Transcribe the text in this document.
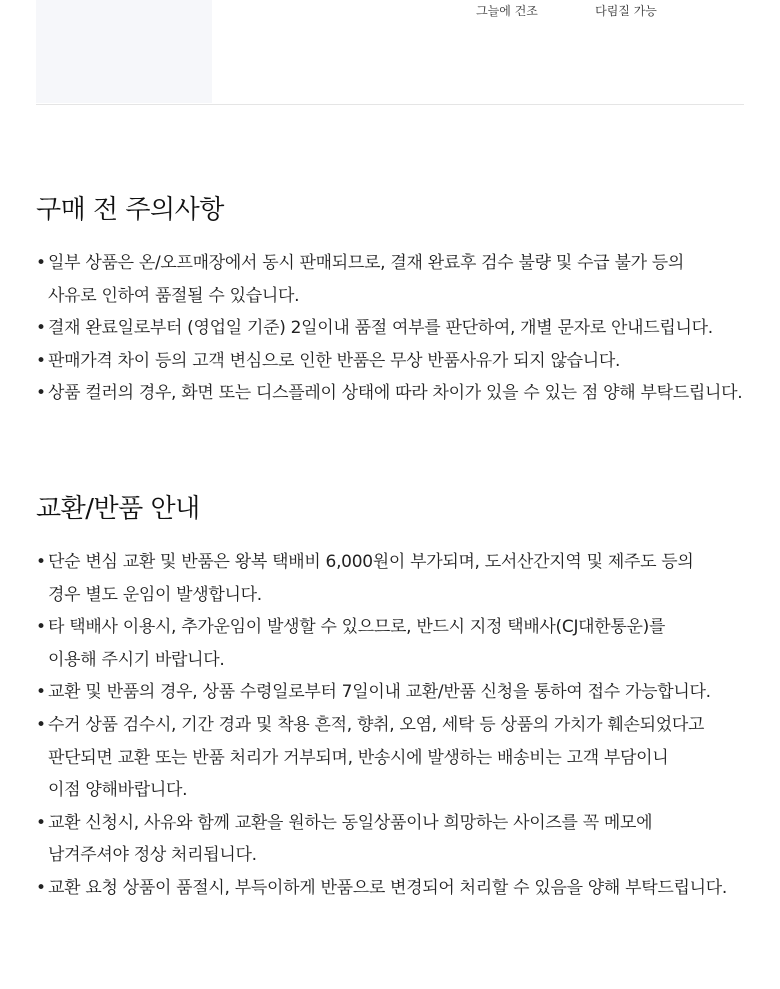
그늘에 건조	다림질 가능
구매 전 주의사항
• 일부 상품은 온/오프매장에서 동시 판매되므로, 결재 완료후 검수 불량 및 수급 불가 등의
사유로 인하여 품절될 수 있습니다.
• 결재 완료일로부터 (영업일 기준) 2일이내 품절 여부를 판단하여, 개별 문자로 안내드립니다.
• 판매가격 차이 등의 고객 변심으로 인한 반품은 무상 반품사유가 되지 않습니다.
• 상품 컬러의 경우, 화면 또는 디스플레이 상태에 따라 차이가 있을 수 있는 점 양해 부탁드립니다.
교환/반품 안내
• 단순 변심 교환 및 반품은 왕복 택배비 6,000원이 부가되며, 도서산간지역 및 제주도 등의
경우 별도 운임이 발생합니다.
• 타 택배사 이용시, 추가운임이 발생할 수 있으므로, 반드시 지정 택배사(CJ대한통운)를
이용해 주시기 바랍니다.
• 교환 및 반품의 경우, 상품 수령일로부터 7일이내 교환/반품 신청을 통하여 접수 가능합니다.
• 수거 상품 검수시, 기간 경과 및 착용 흔적, 향취, 오염, 세탁 등 상품의 가치가 훼손되었다고
판단되면 교환 또는 반품 처리가 거부되며, 반송시에 발생하는 배송비는 고객 부담이니
이점 양해바랍니다.
• 교환 신청시, 사유와 함께 교환을 원하는 동일상품이나 희망하는 사이즈를 꼭 메모에
남겨주셔야 정상 처리됩니다.
• 교환 요청 상품이 품절시, 부득이하게 반품으로 변경되어 처리할 수 있음을 양해 부탁드립니다.
